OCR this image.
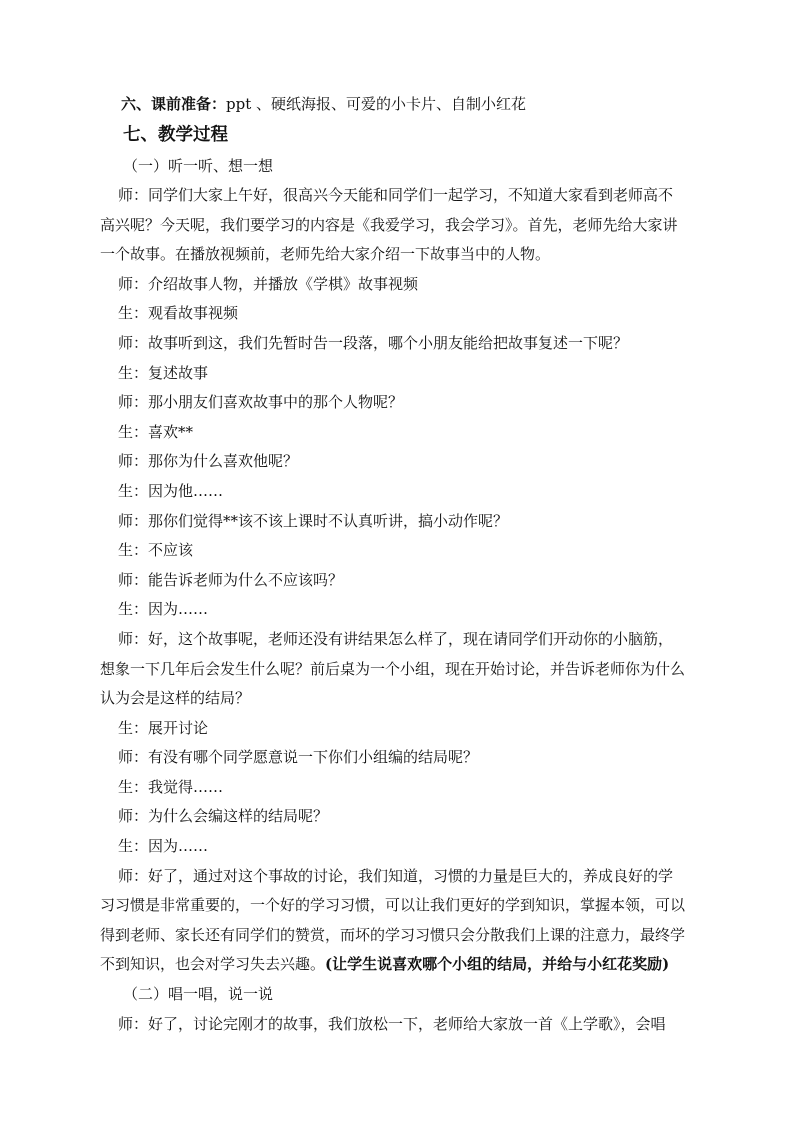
六、课前准备：ppt 、硬纸海报、可爱的小卡片、自制小红花
七、教学过程
（一）听一听、想一想
师：同学们大家上午好，很高兴今天能和同学们一起学习，不知道大家看到老师高不
高兴呢？今天呢，我们要学习的内容是《我爱学习，我会学习》。首先，老师先给大家讲
一个故事。在播放视频前，老师先给大家介绍一下故事当中的人物。
师：介绍故事人物，并播放《学棋》故事视频
生：观看故事视频
师：故事听到这，我们先暂时告一段落，哪个小朋友能给把故事复述一下呢？
生：复述故事
师：那小朋友们喜欢故事中的那个人物呢？
生：喜欢**
师：那你为什么喜欢他呢？
生：因为他……
师：那你们觉得**该不该上课时不认真听讲，搞小动作呢？
生：不应该
师：能告诉老师为什么不应该吗？
生：因为……
师：好，这个故事呢，老师还没有讲结果怎么样了，现在请同学们开动你的小脑筋，
想象一下几年后会发生什么呢？前后桌为一个小组，现在开始讨论，并告诉老师你为什么
认为会是这样的结局？
生：展开讨论
师：有没有哪个同学愿意说一下你们小组编的结局呢？
生：我觉得……
师：为什么会编这样的结局呢？
生：因为……
师：好了，通过对这个事故的讨论，我们知道，习惯的力量是巨大的，养成良好的学
习习惯是非常重要的，一个好的学习习惯，可以让我们更好的学到知识，掌握本领，可以
得到老师、家长还有同学们的赞赏，而坏的学习习惯只会分散我们上课的注意力，最终学
不到知识，也会对学习失去兴趣。(让学生说喜欢哪个小组的结局，并给与小红花奖励)
（二）唱一唱，说一说
师：好了，讨论完刚才的故事，我们放松一下，老师给大家放一首《上学歌》，会唱
